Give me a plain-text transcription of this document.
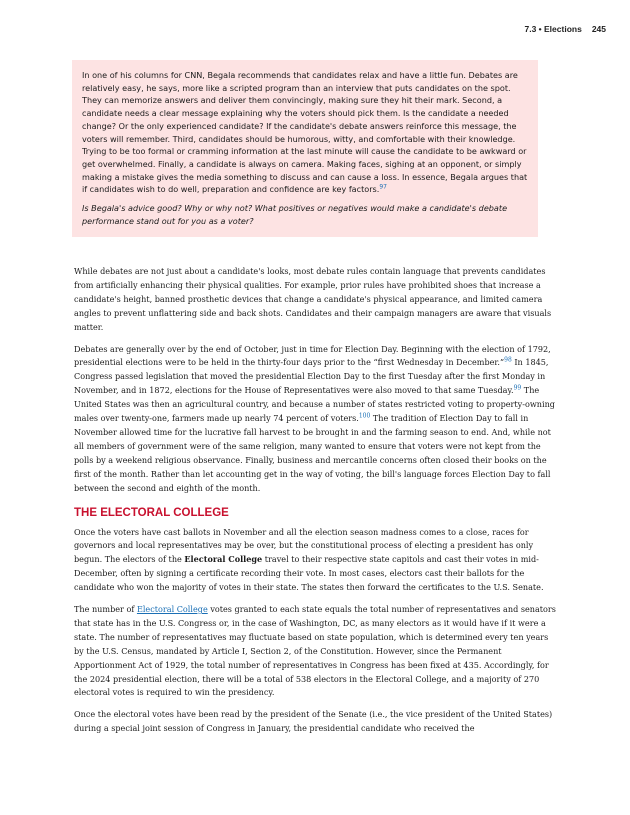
7.3 • Elections 245

In one of his columns for CNN, Begala recommends that candidates relax and have a little fun. Debates are relatively easy, he says, more like a scripted program than an interview that puts candidates on the spot. They can memorize answers and deliver them convincingly, making sure they hit their mark. Second, a candidate needs a clear message explaining why the voters should pick them. Is the candidate a needed change? Or the only experienced candidate? If the candidate's debate answers reinforce this message, the voters will remember. Third, candidates should be humorous, witty, and comfortable with their knowledge. Trying to be too formal or cramming information at the last minute will cause the candidate to be awkward or get overwhelmed. Finally, a candidate is always on camera. Making faces, sighing at an opponent, or simply making a mistake gives the media something to discuss and can cause a loss. In essence, Begala argues that if candidates wish to do well, preparation and confidence are key factors.$^{97}$

Is Begala's advice good? Why or why not? What positives or negatives would make a candidate's debate performance stand out for you as a voter?

While debates are not just about a candidate's looks, most debate rules contain language that prevents candidates from artificially enhancing their physical qualities. For example, prior rules have prohibited shoes that increase a candidate's height, banned prosthetic devices that change a candidate's physical appearance, and limited camera angles to prevent unflattering side and back shots. Candidates and their campaign managers are aware that visuals matter.

Debates are generally over by the end of October, just in time for Election Day. Beginning with the election of 1792, presidential elections were to be held in the thirty-four days prior to the “first Wednesday in December.”$^{98}$ In 1845, Congress passed legislation that moved the presidential Election Day to the first Tuesday after the first Monday in November, and in 1872, elections for the House of Representatives were also moved to that same Tuesday.$^{99}$ The United States was then an agricultural country, and because a number of states restricted voting to property-owning males over twenty-one, farmers made up nearly 74 percent of voters.$^{100}$ The tradition of Election Day to fall in November allowed time for the lucrative fall harvest to be brought in and the farming season to end. And, while not all members of government were of the same religion, many wanted to ensure that voters were not kept from the polls by a weekend religious observance. Finally, business and mercantile concerns often closed their books on the first of the month. Rather than let accounting get in the way of voting, the bill's language forces Election Day to fall between the second and eighth of the month.

THE ELECTORAL COLLEGE

Once the voters have cast ballots in November and all the election season madness comes to a close, races for governors and local representatives may be over, but the constitutional process of electing a president has only begun. The electors of the Electoral College travel to their respective state capitols and cast their votes in mid-December, often by signing a certificate recording their vote. In most cases, electors cast their ballots for the candidate who won the majority of votes in their state. The states then forward the certificates to the U.S. Senate.

The number of Electoral College votes granted to each state equals the total number of representatives and senators that state has in the U.S. Congress or, in the case of Washington, DC, as many electors as it would have if it were a state. The number of representatives may fluctuate based on state population, which is determined every ten years by the U.S. Census, mandated by Article I, Section 2, of the Constitution. However, since the Permanent Apportionment Act of 1929, the total number of representatives in Congress has been fixed at 435. Accordingly, for the 2024 presidential election, there will be a total of 538 electors in the Electoral College, and a majority of 270 electoral votes is required to win the presidency.

Once the electoral votes have been read by the president of the Senate (i.e., the vice president of the United States) during a special joint session of Congress in January, the presidential candidate who received the
